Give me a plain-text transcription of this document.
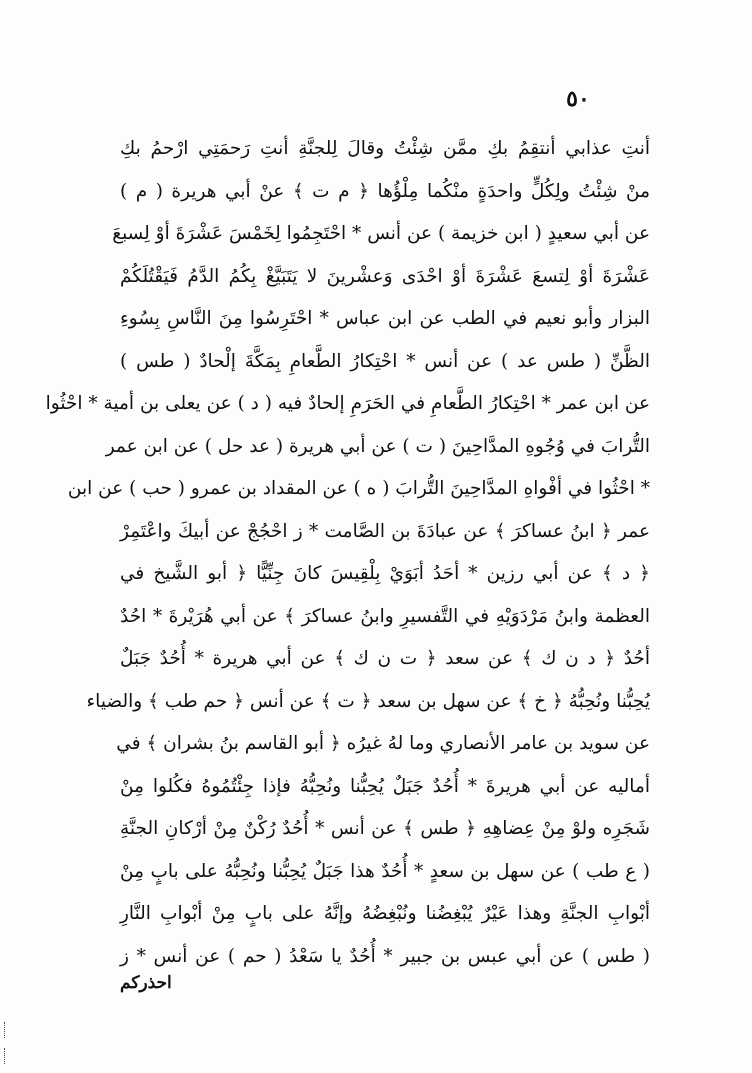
٥٠
أنتِ عذابي أنتقِمُ بكِ ممَّن شِئْتُ وقالَ لِلجنَّةِ أنتِ رَحمَتِي ارْحمُ بكِ
منْ شِئْتُ ولِكُلٍّ واحدَةٍ منْكُما مِلْؤُها ﴿ م ت ﴾ عنْ أبي هريرة ( م )
عن أبي سعيدٍ ( ابن خزيمة ) عن أنس * احْتَجِمُوا لِخَمْسَ عَشْرَةَ أوْ لِسبعَ
عَشْرَةَ أوْ لِتسعَ عَشْرَةَ أوْ احْدَى وَعشْرينَ لا يَتَبَيَّغْ بِكُمُ الدَّمُ فَيَقْتُلَكُمْ
البزار وأبو نعيم في الطب عن ابن عباس * احْتَرِسُوا مِنَ النَّاسِ بِسُوءِ
الظَّنِّ ( طس عد ) عن أنس * احْتِكارُ الطَّعامِ بِمَكَّةَ إلْحادٌ ( طس )
عن ابن عمر * احْتِكارُ الطَّعامِ في الحَرَمِ إلحادٌ فيه ( د ) عن يعلى بن أمية * احْثُوا
التُّرابَ في وُجُوهِ المدَّاحِينَ ( ت ) عن أبي هريرة ( عد حل ) عن ابن عمر
* احْثُوا في أفْواهِ المدَّاحِينَ التُّرابَ ( ه ) عن المقداد بن عمرو ( حب ) عن ابن
عمر ﴿ ابنُ عساكرَ ﴾ عن عبادَةَ بن الصَّامت * ز احْجُجْ عن أبيكَ واعْتَمِرْ
﴿ د ﴾ عن أبي رزين * أحَدُ أبَوَيْ بِلْقِيسَ كانَ جِنِّيًّا ﴿ أبو الشَّيخ في
العظمة وابنُ مَرْدَوَيْهِ في التَّفسيرِ وابنُ عساكرَ ﴾ عن أبي هُرَيْرةَ * احُدٌ
أحُدٌ ﴿ د ن ك ﴾ عن سعد ﴿ ت ن ك ﴾ عن أبي هريرة * أُحُدٌ جَبَلٌ
يُحِبُّنا ونُحِبُّهُ ﴿ خ ﴾ عن سهل بن سعد ﴿ ت ﴾ عن أنس ﴿ حم طب ﴾ والضياء
عن سويد بن عامر الأنصاري وما لهُ غيرُه ﴿ أبو القاسم بنُ بشران ﴾ في
أماليه عن أبي هريرةَ * أُحُدٌ جَبَلٌ يُحِبُّنا ونُحِبُّهُ فإذا جِئْتُمُوهُ فكُلوا مِنْ
شَجَرِه ولوْ مِنْ عِضاهِهِ ﴿ طس ﴾ عن أنس * أُحُدٌ رُكْنٌ مِنْ أرْكانِ الجنَّةِ
( ع طب ) عن سهل بن سعدٍ * أُحُدٌ هذا جَبَلٌ يُحِبُّنا ونُحِبُّهُ على بابٍ مِنْ
أبْوابِ الجنَّةِ وهذا عَيْرٌ يُبْغِضُنا ونُبْغِضُهُ وإنَّهُ على بابٍ مِنْ أبْوابِ النَّارِ
( طس ) عن أبي عبس بن جبير * أُحُدٌ يا سَعْدُ ( حم ) عن أنس * ز
احذركم
